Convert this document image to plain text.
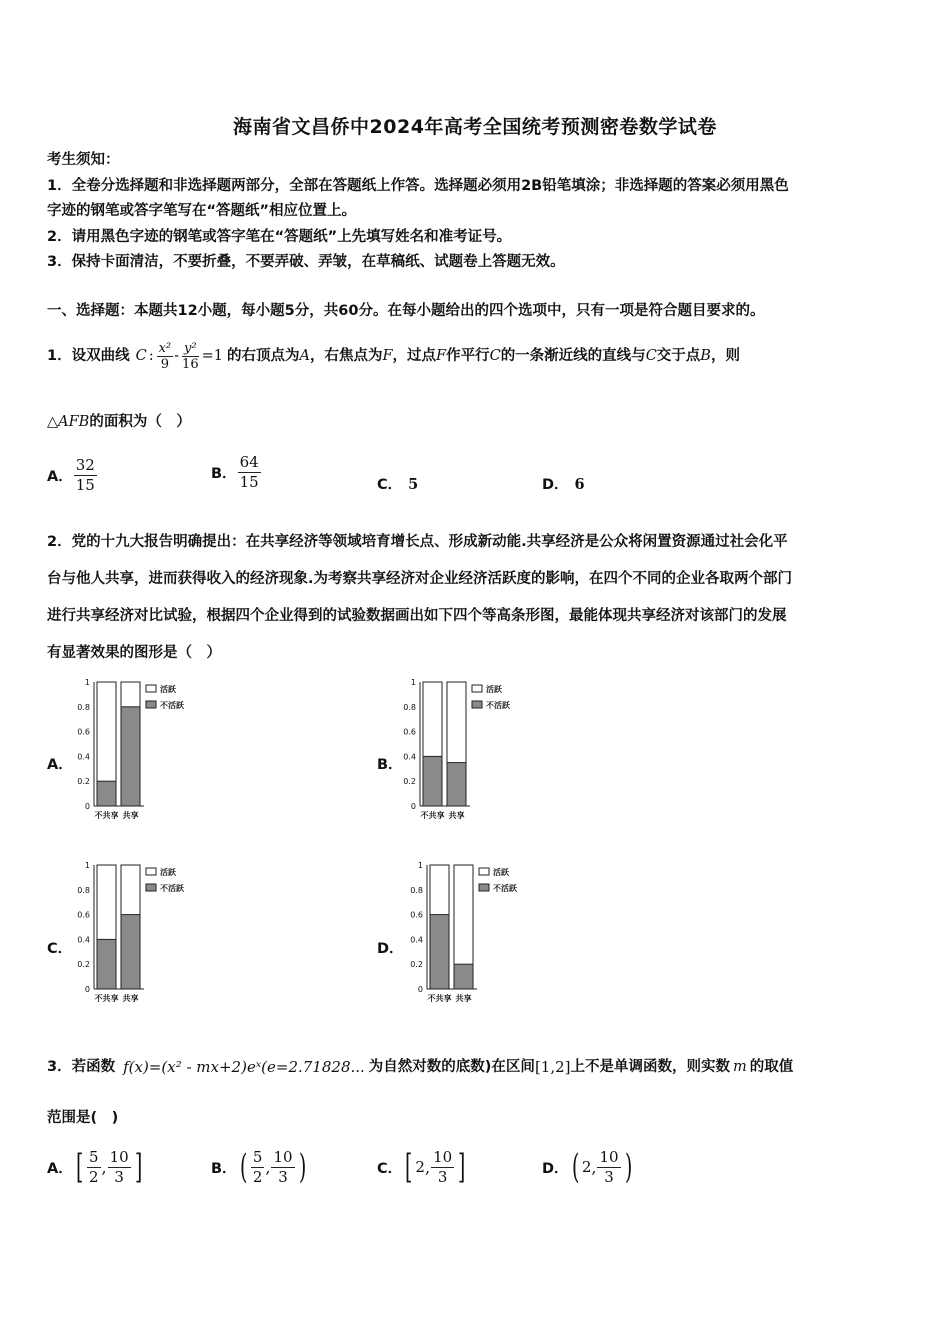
海南省文昌侨中2024年高考全国统考预测密卷数学试卷
考生须知：
1．全卷分选择题和非选择题两部分，全部在答题纸上作答。选择题必须用2B铅笔填涂；非选择题的答案必须用黑色
字迹的钢笔或答字笔写在“答题纸”相应位置上。
2．请用黑色字迹的钢笔或答字笔在“答题纸”上先填写姓名和准考证号。
3．保持卡面清洁，不要折叠，不要弄破、弄皱，在草稿纸、试题卷上答题无效。
一、选择题：本题共12小题，每小题5分，共60分。在每小题给出的四个选项中，只有一项是符合题目要求的。
1．设双曲线 C : $\frac{\text{x²}}{9} - \frac{\text{y²}}{16} =1$ 的右顶点为 A ，右焦点为 F ，过点 F 作平行 C 的一条渐近线的直线与 C 交于点 B ，则
△AFB的面积为（　）
A． $\frac{32}{15}$	B． $\frac{64}{15}$	C． 5	D． 6
2．党的十九大报告明确提出：在共享经济等领域培育增长点、形成新动能.共享经济是公众将闲置资源通过社会化平
台与他人共享，进而获得收入的经济现象.为考察共享经济对企业经济活跃度的影响，在四个不同的企业各取两个部门
进行共享经济对比试验，根据四个企业得到的试验数据画出如下四个等高条形图，最能体现共享经济对该部门的发展
有显著效果的图形是（　）
A．	B．
C．	D．
0
0.2
0.4
0.6
0.8
1
不共享 共享
活跃
不活跃
0
0.2
0.4
0.6
0.8
1
不共享 共享
活跃
不活跃
0
0.2
0.4
0.6
0.8
1
不共享 共享
活跃
不活跃
0
0.2
0.4
0.6
0.8
1
不共享 共享
活跃
不活跃
3．若函数 f(x)=(x² - mx+2)eˣ(e=2.71828... 为自然对数的底数)在区间 [1,2] 上不是单调函数，则实数 m 的取值
范围是(　)
A． [ $\frac{5}{2}$ , $\frac{10}{3}$ ]	B． ( $\frac{5}{2}$ , $\frac{10}{3}$ )	C． [ 2 , $\frac{10}{3}$ ]	D． ( 2 , $\frac{10}{3}$ )
